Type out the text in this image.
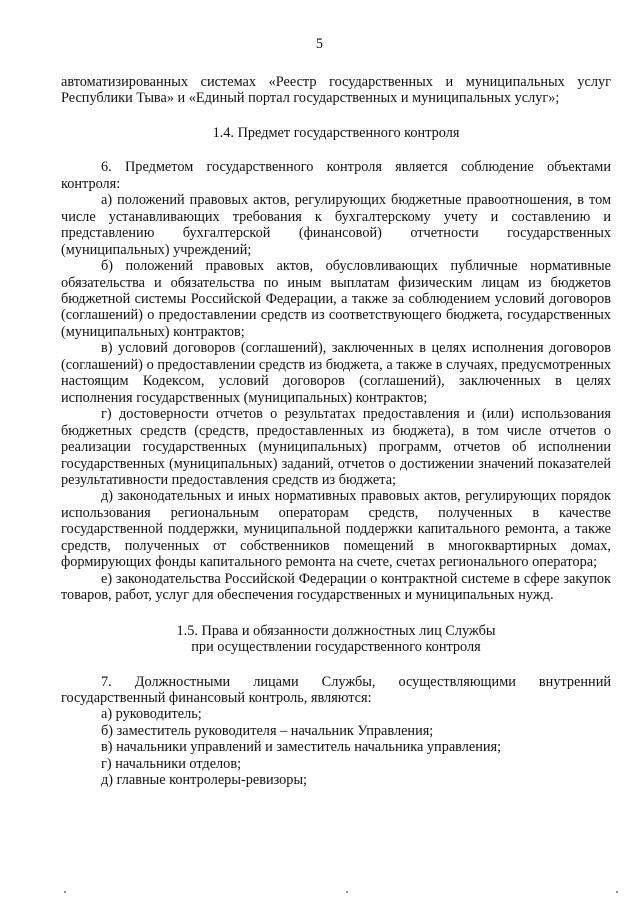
5

автоматизированных системах «Реестр государственных и муниципальных услуг Республики Тыва» и «Единый портал государственных и муниципальных услуг»;

1.4. Предмет государственного контроля

6. Предметом государственного контроля является соблюдение объектами контроля:

а) положений правовых актов, регулирующих бюджетные правоотношения, в том числе устанавливающих требования к бухгалтерскому учету и составлению и представлению бухгалтерской (финансовой) отчетности государственных (муниципальных) учреждений;

б) положений правовых актов, обусловливающих публичные нормативные обязательства и обязательства по иным выплатам физическим лицам из бюджетов бюджетной системы Российской Федерации, а также за соблюдением условий договоров (соглашений) о предоставлении средств из соответствующего бюджета, государственных (муниципальных) контрактов;

в) условий договоров (соглашений), заключенных в целях исполнения договоров (соглашений) о предоставлении средств из бюджета, а также в случаях, предусмотренных настоящим Кодексом, условий договоров (соглашений), заключенных в целях исполнения государственных (муниципальных) контрактов;

г) достоверности отчетов о результатах предоставления и (или) использования бюджетных средств (средств, предоставленных из бюджета), в том числе отчетов о реализации государственных (муниципальных) программ, отчетов об исполнении государственных (муниципальных) заданий, отчетов о достижении значений показателей результативности предоставления средств из бюджета;

д) законодательных и иных нормативных правовых актов, регулирующих порядок использования региональным операторам средств, полученных в качестве государственной поддержки, муниципальной поддержки капитального ремонта, а также средств, полученных от собственников помещений в многоквартирных домах, формирующих фонды капитального ремонта на счете, счетах регионального оператора;

е) законодательства Российской Федерации о контрактной системе в сфере закупок товаров, работ, услуг для обеспечения государственных и муниципальных нужд.

1.5. Права и обязанности должностных лиц Службы

при осуществлении государственного контроля

7. Должностными лицами Службы, осуществляющими внутренний государственный финансовый контроль, являются:

а) руководитель;

б) заместитель руководителя – начальник Управления;

в) начальники управлений и заместитель начальника управления;

г) начальники отделов;

д) главные контролеры-ревизоры;
